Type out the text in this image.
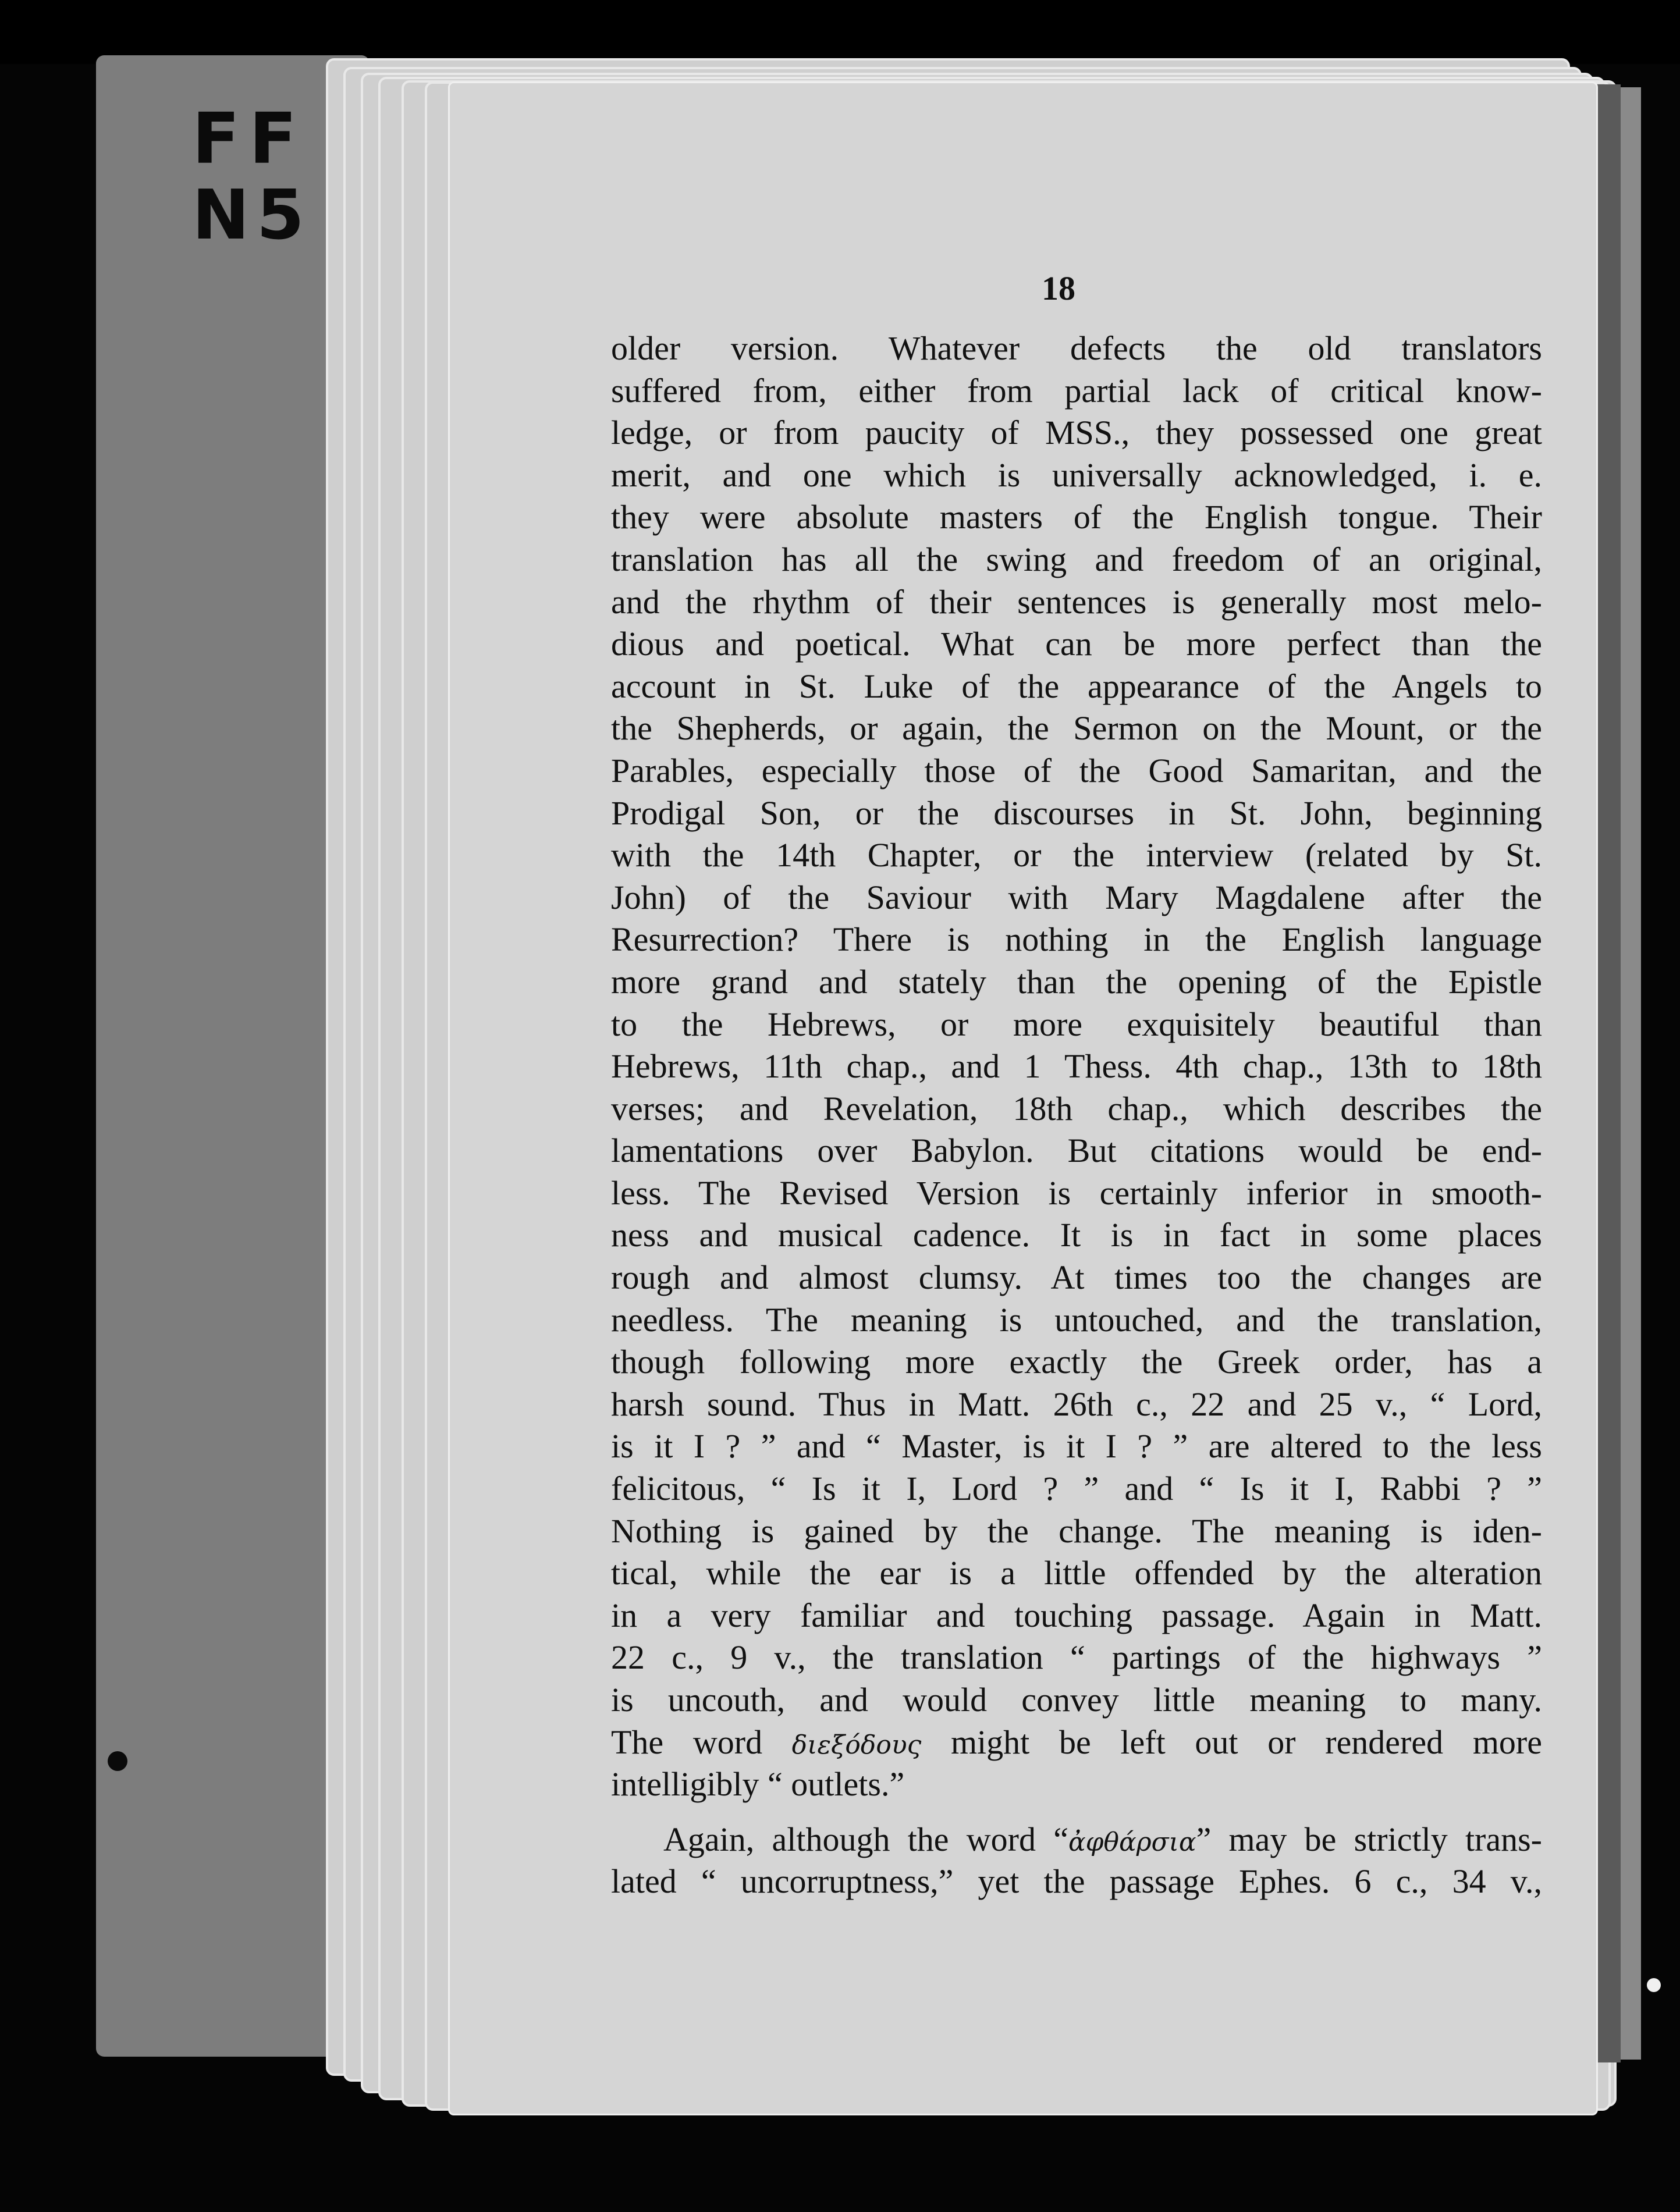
FF
N5
18
older version. Whatever defects the old translators
suffered from, either from partial lack of critical know-
ledge, or from paucity of MSS., they possessed one great
merit, and one which is universally acknowledged, i. e.
they were absolute masters of the English tongue. Their
translation has all the swing and freedom of an original,
and the rhythm of their sentences is generally most melo-
dious and poetical. What can be more perfect than the
account in St. Luke of the appearance of the Angels to
the Shepherds, or again, the Sermon on the Mount, or the
Parables, especially those of the Good Samaritan, and the
Prodigal Son, or the discourses in St. John, beginning
with the 14th Chapter, or the interview (related by St.
John) of the Saviour with Mary Magdalene after the
Resurrection? There is nothing in the English language
more grand and stately than the opening of the Epistle
to the Hebrews, or more exquisitely beautiful than
Hebrews, 11th chap., and 1 Thess. 4th chap., 13th to 18th
verses; and Revelation, 18th chap., which describes the
lamentations over Babylon. But citations would be end-
less. The Revised Version is certainly inferior in smooth-
ness and musical cadence. It is in fact in some places
rough and almost clumsy. At times too the changes are
needless. The meaning is untouched, and the translation,
though following more exactly the Greek order, has a
harsh sound. Thus in Matt. 26th c., 22 and 25 v., “ Lord,
is it I ? ” and “ Master, is it I ? ” are altered to the less
felicitous, “ Is it I, Lord ? ” and “ Is it I, Rabbi ? ”
Nothing is gained by the change. The meaning is iden-
tical, while the ear is a little offended by the alteration
in a very familiar and touching passage. Again in Matt.
22 c., 9 v., the translation “ partings of the highways ”
is uncouth, and would convey little meaning to many.
The word διεξόδους might be left out or rendered more
intelligibly “ outlets.”
Again, although the word “ἀφθάρσια” may be strictly trans-
lated “ uncorruptness,” yet the passage Ephes. 6 c., 34 v.,
